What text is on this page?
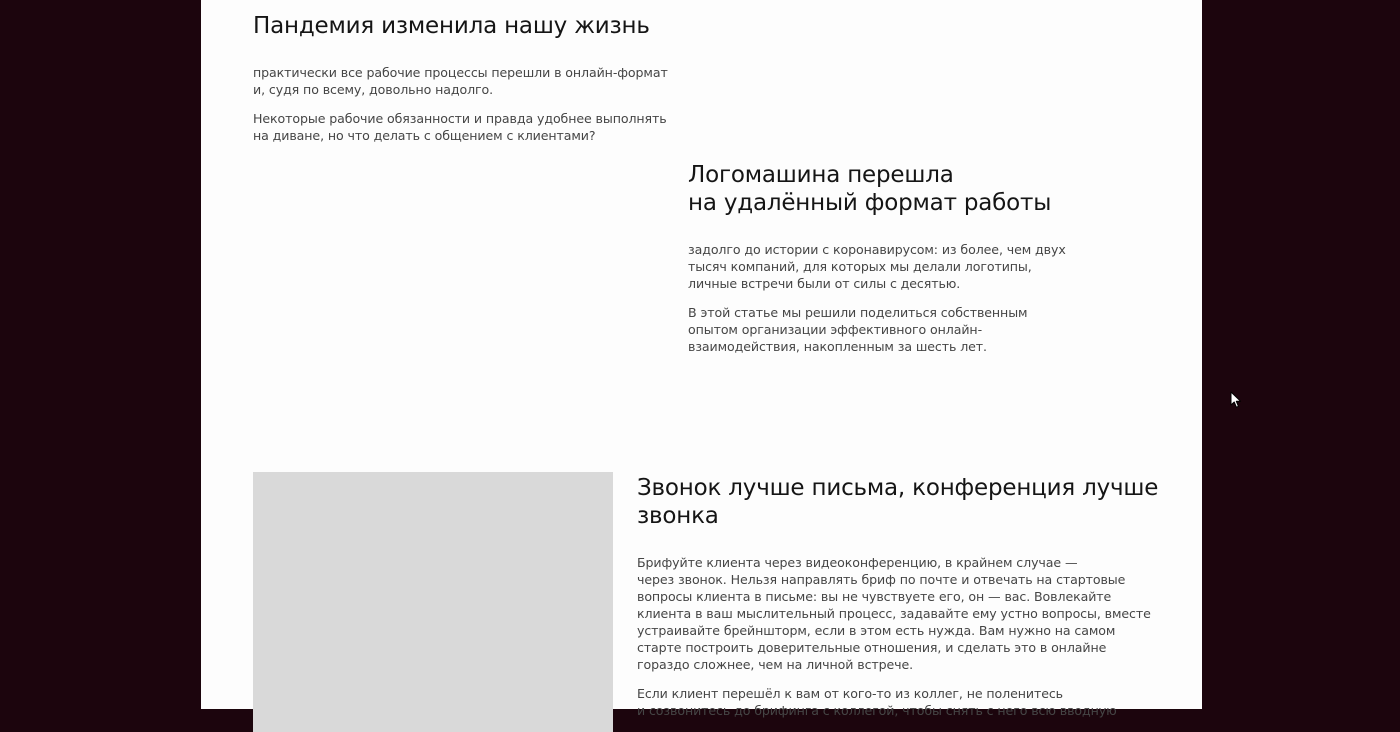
Пандемия изменила нашу жизнь

практически все рабочие процессы перешли в онлайн-формат
и, судя по всему, довольно надолго.

Некоторые рабочие обязанности и правда удобнее выполнять
на диване, но что делать с общением с клиентами?

Логомашина перешла
на удалённый формат работы

задолго до истории с коронавирусом: из более, чем двух
тысяч компаний, для которых мы делали логотипы,
личные встречи были от силы с десятью.

В этой статье мы решили поделиться собственным
опытом организации эффективного онлайн-
взаимодействия, накопленным за шесть лет.

Звонок лучше письма, конференция лучше
звонка

Брифуйте клиента через видеоконференцию, в крайнем случае —
через звонок. Нельзя направлять бриф по почте и отвечать на стартовые
вопросы клиента в письме: вы не чувствуете его, он — вас. Вовлекайте
клиента в ваш мыслительный процесс, задавайте ему устно вопросы, вместе
устраивайте брейншторм, если в этом есть нужда. Вам нужно на самом
старте построить доверительные отношения, и сделать это в онлайне
гораздо сложнее, чем на личной встрече.

Если клиент перешёл к вам от кого-то из коллег, не поленитесь
и созвонитесь до брифинга с коллегой, чтобы снять с него всю вводную
